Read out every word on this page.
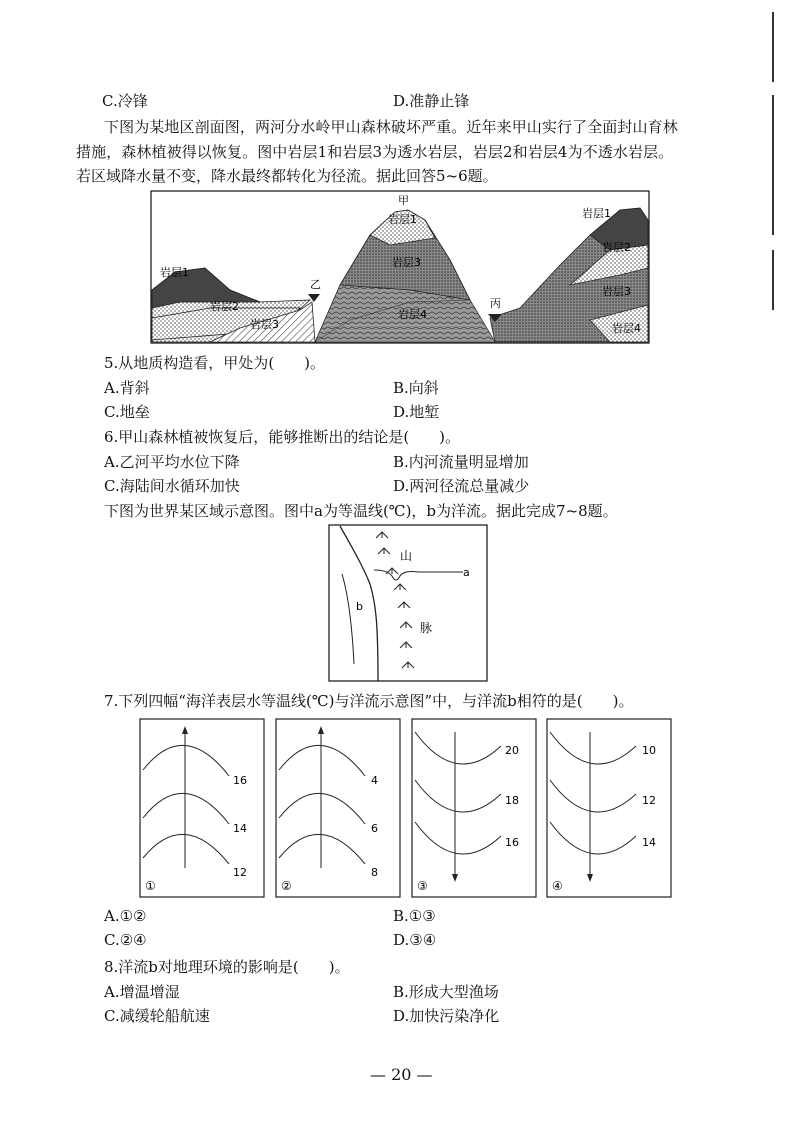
C.冷锋	D.准静止锋
下图为某地区剖面图，两河分水岭甲山森林破坏严重。近年来甲山实行了全面封山育林
措施，森林植被得以恢复。图中岩层1和岩层3为透水岩层，岩层2和岩层4为不透水岩层。
若区域降水量不变，降水最终都转化为径流。据此回答5~6题。
甲
乙
丙
岩层1
岩层2
岩层3
岩层1
岩层3
岩层4
岩层1
岩层2
岩层3
岩层4
5.从地质构造看，甲处为(　　)。
A.背斜	B.向斜
C.地垒	D.地堑
6.甲山森林植被恢复后，能够推断出的结论是(　　)。
A.乙河平均水位下降	B.内河流量明显增加
C.海陆间水循环加快	D.两河径流总量减少
下图为世界某区域示意图。图中a为等温线(℃)，b为洋流。据此完成7~8题。
山
脉
a
b
7.下列四幅“海洋表层水等温线(℃)与洋流示意图”中，与洋流b相符的是(　　)。
16
14
12
①
4
6
8
②
20
18
16
③
10
12
14
④
A.①②	B.①③
C.②④	D.③④
8.洋流b对地理环境的影响是(　　)。
A.增温增湿	B.形成大型渔场
C.减缓轮船航速	D.加快污染净化
— 20 —
